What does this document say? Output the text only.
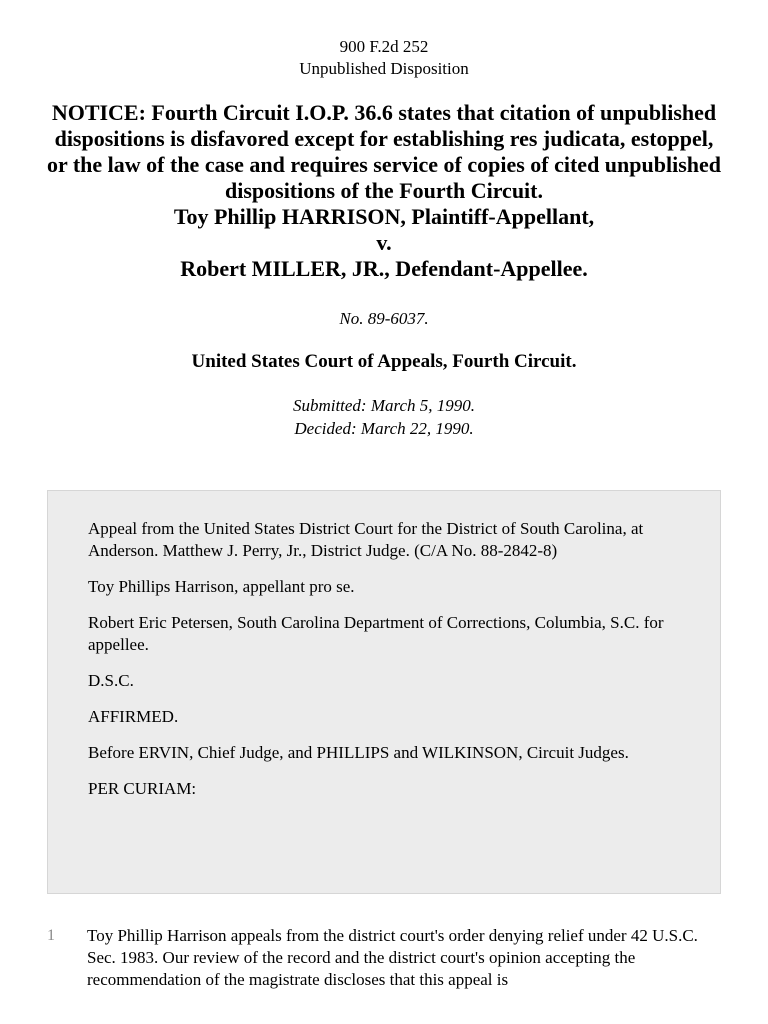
900 F.2d 252
Unpublished Disposition
NOTICE: Fourth Circuit I.O.P. 36.6 states that citation of unpublished dispositions is disfavored except for establishing res judicata, estoppel, or the law of the case and requires service of copies of cited unpublished dispositions of the Fourth Circuit.
Toy Phillip HARRISON, Plaintiff-Appellant,
v.
Robert MILLER, JR., Defendant-Appellee.
No. 89-6037.
United States Court of Appeals, Fourth Circuit.
Submitted: March 5, 1990.
Decided: March 22, 1990.

Appeal from the United States District Court for the District of South Carolina, at Anderson. Matthew J. Perry, Jr., District Judge. (C/A No. 88-2842-8)

Toy Phillips Harrison, appellant pro se.

Robert Eric Petersen, South Carolina Department of Corrections, Columbia, S.C. for appellee.

D.S.C.

AFFIRMED.

Before ERVIN, Chief Judge, and PHILLIPS and WILKINSON, Circuit Judges.

PER CURIAM:

1 Toy Phillip Harrison appeals from the district court's order denying relief under 42 U.S.C. Sec. 1983. Our review of the record and the district court's opinion accepting the recommendation of the magistrate discloses that this appeal is
